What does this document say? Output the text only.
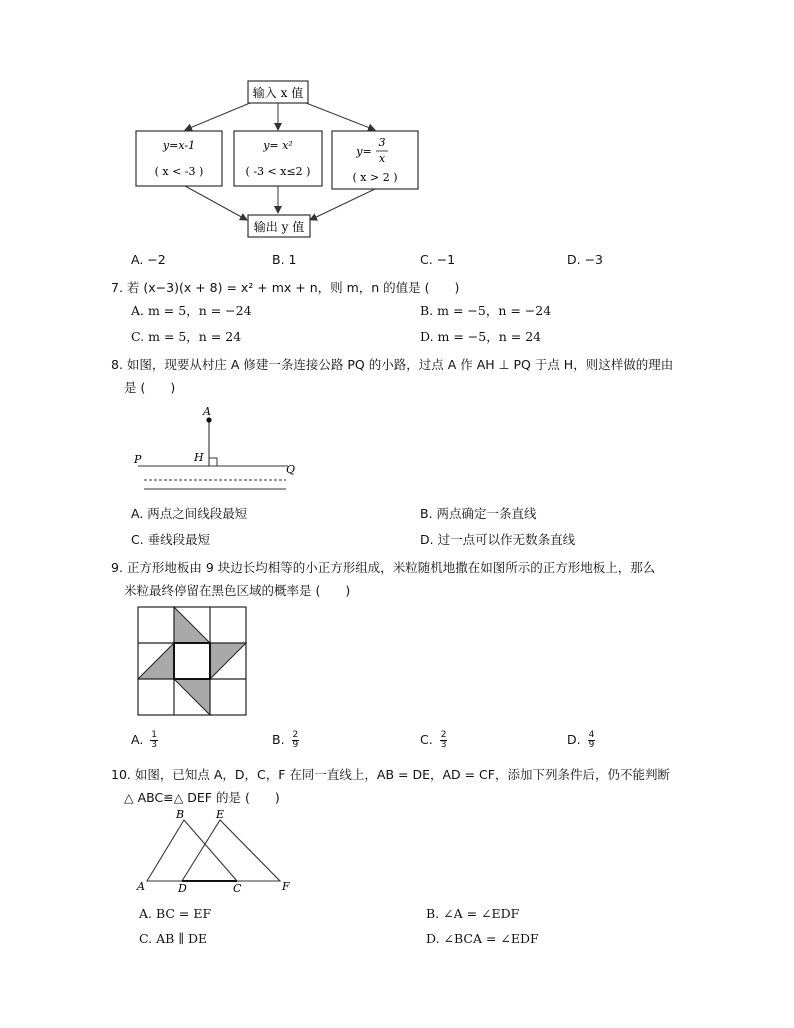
输入 x 值
y=x-1
( x < -3 )
y= x²
( -3 < x≤2 )
y=
3
x
( x > 2 )
输出 y 值
A. −2	B. 1	C. −1	D. −3
7. 若 (x−3)(x + 8) = x² + mx + n，则 m，n 的值是 (　　)
A. m = 5，n = −24	B. m = −5，n = −24
C. m = 5，n = 24	D. m = −5，n = 24
8. 如图，现要从村庄 A 修建一条连接公路 PQ 的小路，过点 A 作 AH ⊥ PQ 于点 H，则这样做的理由
是 (　　)
A
H
P
Q
A. 两点之间线段最短	B. 两点确定一条直线
C. 垂线段最短	D. 过一点可以作无数条直线
9. 正方形地板由 9 块边长均相等的小正方形组成，米粒随机地撒在如图所示的正方形地板上，那么
米粒最终停留在黑色区域的概率是 (　　)
A. $\frac{1}{3}$	B. $\frac{2}{9}$	C. $\frac{2}{3}$	D. $\frac{4}{9}$
10. 如图，已知点 A，D，C，F 在同一直线上，AB = DE，AD = CF，添加下列条件后，仍不能判断
△ ABC≌△ DEF 的是 (　　)
B	E
A	D	C	F
A. BC = EF	B. ∠A = ∠EDF
C. AB ∥ DE	D. ∠BCA = ∠EDF
